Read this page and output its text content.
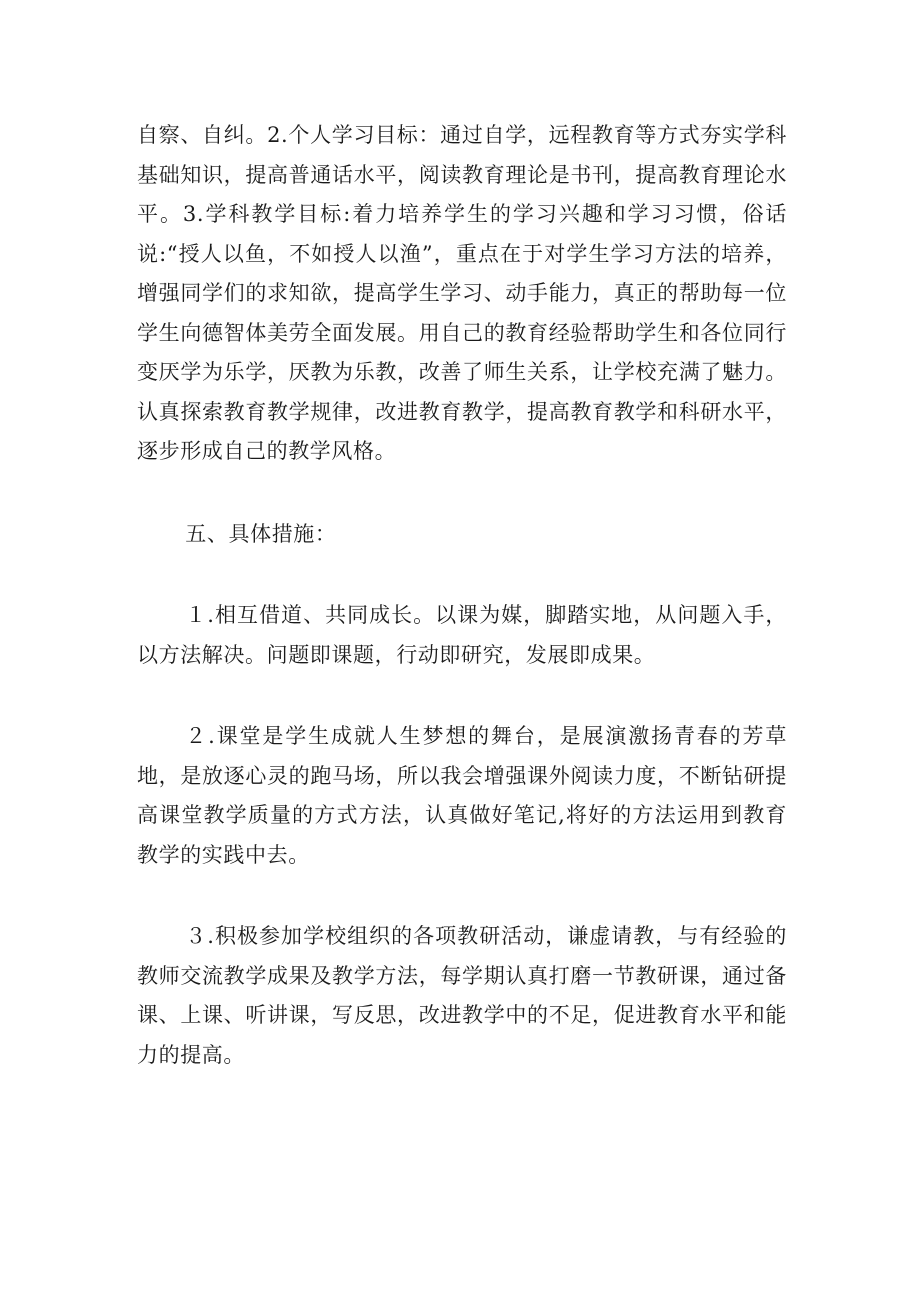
自察、自纠。2.个人学习目标：通过自学，远程教育等方式夯实学科基础知识，提高普通话水平，阅读教育理论是书刊，提高教育理论水平。3.学科教学目标:着力培养学生的学习兴趣和学习习惯，俗话说:“授人以鱼，不如授人以渔”，重点在于对学生学习方法的培养，增强同学们的求知欲，提高学生学习、动手能力，真正的帮助每一位学生向德智体美劳全面发展。用自己的教育经验帮助学生和各位同行变厌学为乐学，厌教为乐教，改善了师生关系，让学校充满了魅力。认真探索教育教学规律，改进教育教学，提高教育教学和科研水平，逐步形成自己的教学风格。

五、具体措施：

１.相互借道、共同成长。以课为媒，脚踏实地，从问题入手，以方法解决。问题即课题，行动即研究，发展即成果。

２.课堂是学生成就人生梦想的舞台，是展演激扬青春的芳草地，是放逐心灵的跑马场，所以我会增强课外阅读力度，不断钻研提高课堂教学质量的方式方法，认真做好笔记,将好的方法运用到教育教学的实践中去。

３.积极参加学校组织的各项教研活动，谦虚请教，与有经验的教师交流教学成果及教学方法，每学期认真打磨一节教研课，通过备课、上课、听讲课，写反思，改进教学中的不足，促进教育水平和能力的提高。
